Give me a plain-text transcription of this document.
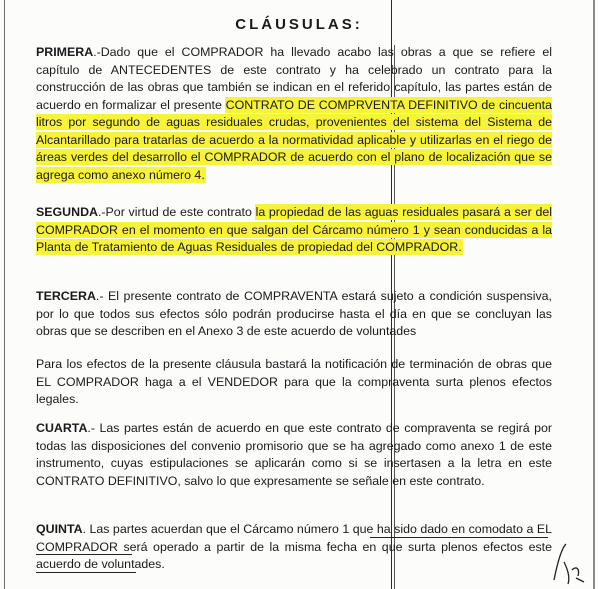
CLÁUSULAS:
PRIMERA.-Dado que el COMPRADOR ha llevado acabo las obras a que se refiere el capítulo de ANTECEDENTES de este contrato y ha celebrado un contrato para la construcción de las obras que también se indican en el referido capítulo, las partes están de acuerdo en formalizar el presente CONTRATO DE COMPRVENTA DEFINITIVO de cincuenta litros por segundo de aguas residuales crudas, provenientes del sistema del Sistema de Alcantarillado para tratarlas de acuerdo a la normatividad aplicable y utilizarlas en el riego de áreas verdes del desarrollo el COMPRADOR de acuerdo con el plano de localización que se agrega como anexo número 4.
SEGUNDA.-Por virtud de este contrato la propiedad de las aguas residuales pasará a ser del COMPRADOR en el momento en que salgan del Cárcamo número 1 y sean conducidas a la Planta de Tratamiento de Aguas Residuales de propiedad del COMPRADOR.
TERCERA.- El presente contrato de COMPRAVENTA estará sujeto a condición suspensiva, por lo que todos sus efectos sólo podrán producirse hasta el día en que se concluyan las obras que se describen en el Anexo 3 de este acuerdo de voluntades
Para los efectos de la presente cláusula bastará la notificación de terminación de obras que EL COMPRADOR haga a el VENDEDOR para que la compraventa surta plenos efectos legales.
CUARTA.- Las partes están de acuerdo en que este contrato de compraventa se regirá por todas las disposiciones del convenio promisorio que se ha agregado como anexo 1 de este instrumento, cuyas estipulaciones se aplicarán como si se insertasen a la letra en este CONTRATO DEFINITIVO, salvo lo que expresamente se señale en este contrato.
QUINTA. Las partes acuerdan que el Cárcamo número 1 que ha sido dado en comodato a EL COMPRADOR será operado a partir de la misma fecha en que surta plenos efectos este acuerdo de voluntades.
